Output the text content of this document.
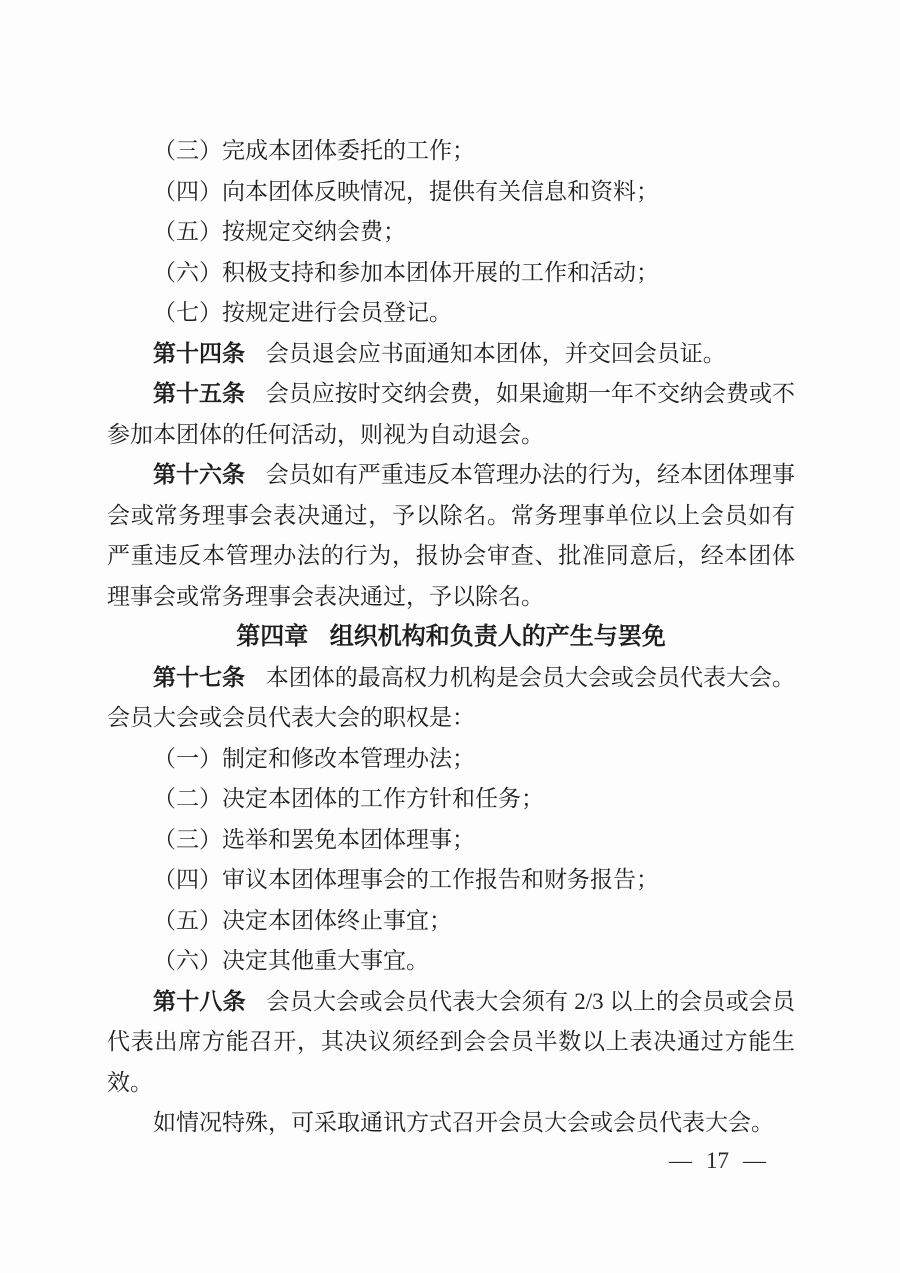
（三）完成本团体委托的工作；

（四）向本团体反映情况，提供有关信息和资料；

（五）按规定交纳会费；

（六）积极支持和参加本团体开展的工作和活动；

（七）按规定进行会员登记。

第十四条 会员退会应书面通知本团体，并交回会员证。

第十五条 会员应按时交纳会费，如果逾期一年不交纳会费或不参加本团体的任何活动，则视为自动退会。

第十六条 会员如有严重违反本管理办法的行为，经本团体理事会或常务理事会表决通过，予以除名。常务理事单位以上会员如有严重违反本管理办法的行为，报协会审查、批准同意后，经本团体理事会或常务理事会表决通过，予以除名。

第四章 组织机构和负责人的产生与罢免

第十七条 本团体的最高权力机构是会员大会或会员代表大会。会员大会或会员代表大会的职权是：

（一）制定和修改本管理办法；

（二）决定本团体的工作方针和任务；

（三）选举和罢免本团体理事；

（四）审议本团体理事会的工作报告和财务报告；

（五）决定本团体终止事宜；

（六）决定其他重大事宜。

第十八条 会员大会或会员代表大会须有 2/3 以上的会员或会员代表出席方能召开，其决议须经到会会员半数以上表决通过方能生效。

如情况特殊，可采取通讯方式召开会员大会或会员代表大会。

— 17 —
